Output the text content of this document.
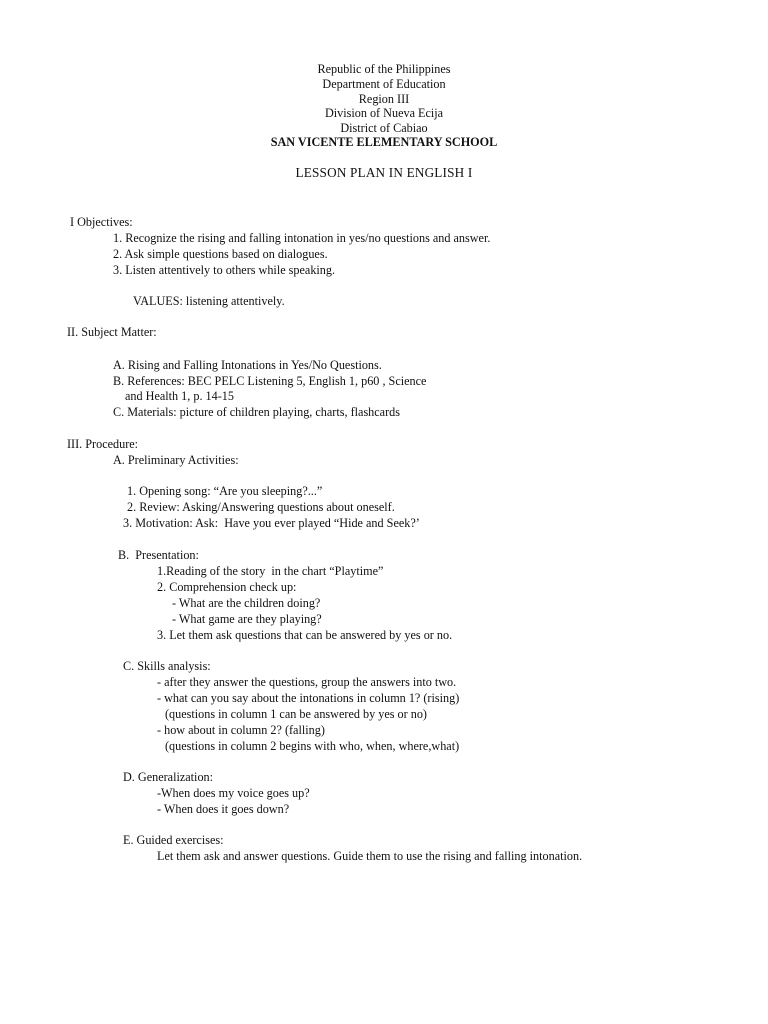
Republic of the Philippines
Department of Education
Region III
Division of Nueva Ecija
District of Cabiao
SAN VICENTE ELEMENTARY SCHOOL
LESSON PLAN IN ENGLISH I
I Objectives:
1. Recognize the rising and falling intonation in yes/no questions and answer.
2. Ask simple questions based on dialogues.
3. Listen attentively to others while speaking.
VALUES: listening attentively.
II. Subject Matter:
A. Rising and Falling Intonations in Yes/No Questions.
B. References: BEC PELC Listening 5, English 1, p60 , Science
and Health 1, p. 14-15
C. Materials: picture of children playing, charts, flashcards
III. Procedure:
A. Preliminary Activities:
1. Opening song: “Are you sleeping?...”
2. Review: Asking/Answering questions about oneself.
3. Motivation: Ask:  Have you ever played “Hide and Seek?’
B.  Presentation:
1.Reading of the story  in the chart “Playtime”
2. Comprehension check up:
- What are the children doing?
- What game are they playing?
3. Let them ask questions that can be answered by yes or no.
C. Skills analysis:
- after they answer the questions, group the answers into two.
- what can you say about the intonations in column 1? (rising)
(questions in column 1 can be answered by yes or no)
- how about in column 2? (falling)
(questions in column 2 begins with who, when, where,what)
D. Generalization:
-When does my voice goes up?
- When does it goes down?
E. Guided exercises:
Let them ask and answer questions. Guide them to use the rising and falling intonation.
